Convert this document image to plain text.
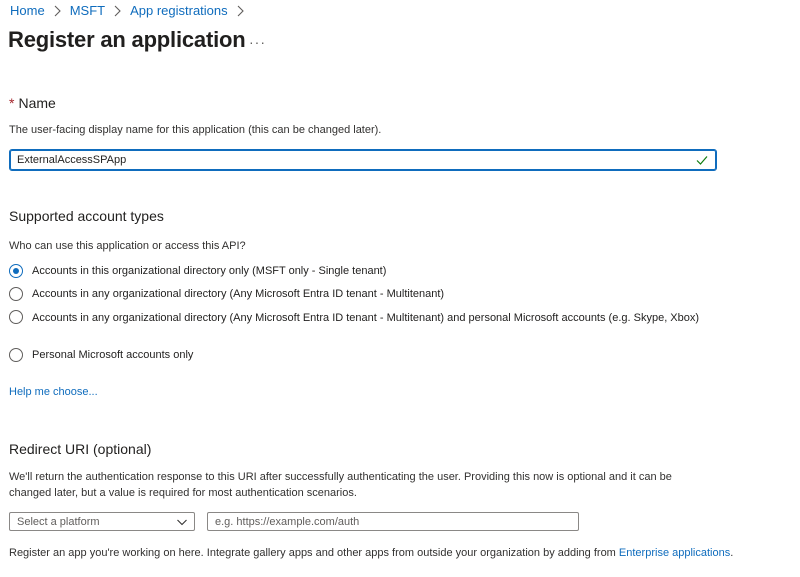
Home MSFT App registrations
Register an application ···
* Name
The user-facing display name for this application (this can be changed later).
ExternalAccessSPApp
Supported account types
Who can use this application or access this API?
Accounts in this organizational directory only (MSFT only - Single tenant)
Accounts in any organizational directory (Any Microsoft Entra ID tenant - Multitenant)
Accounts in any organizational directory (Any Microsoft Entra ID tenant - Multitenant) and personal Microsoft accounts (e.g. Skype, Xbox)
Personal Microsoft accounts only
Help me choose...
Redirect URI (optional)
We'll return the authentication response to this URI after successfully authenticating the user. Providing this now is optional and it can be changed later, but a value is required for most authentication scenarios.
Select a platform
e.g. https://example.com/auth
Register an app you're working on here. Integrate gallery apps and other apps from outside your organization by adding from Enterprise applications.
